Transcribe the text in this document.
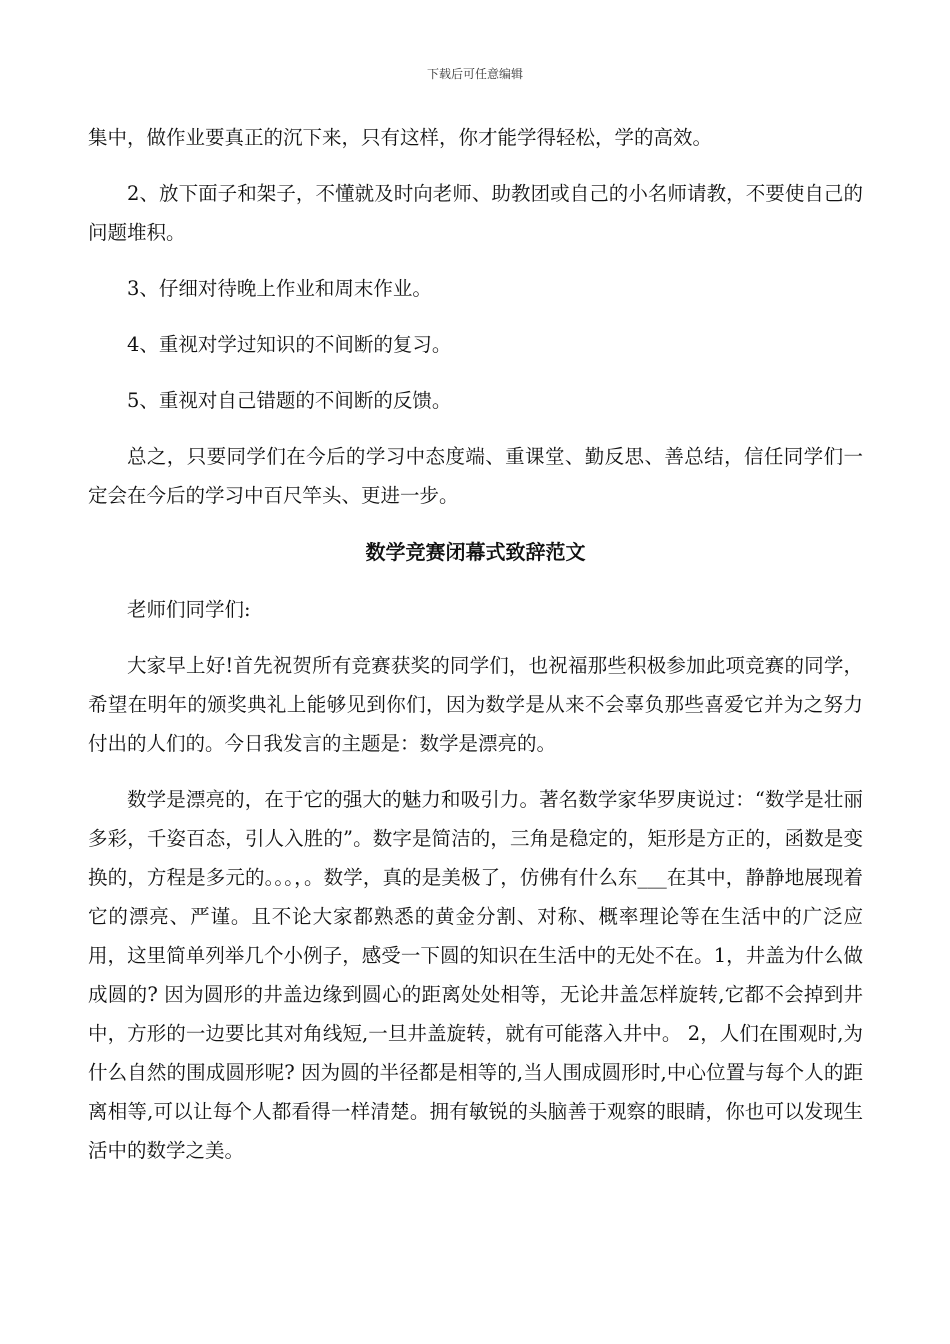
下载后可任意编辑

集中，做作业要真正的沉下来，只有这样，你才能学得轻松，学的高效。

2、放下面子和架子，不懂就及时向老师、助教团或自己的小名师请教，不要使自己的问题堆积。

3、仔细对待晚上作业和周末作业。

4、重视对学过知识的不间断的复习。

5、重视对自己错题的不间断的反馈。

总之，只要同学们在今后的学习中态度端、重课堂、勤反思、善总结，信任同学们一定会在今后的学习中百尺竿头、更进一步。

数学竞赛闭幕式致辞范文

老师们同学们:

大家早上好!首先祝贺所有竞赛获奖的同学们，也祝福那些积极参加此项竞赛的同学，希望在明年的颁奖典礼上能够见到你们，因为数学是从来不会辜负那些喜爱它并为之努力付出的人们的。今日我发言的主题是：数学是漂亮的。

数学是漂亮的，在于它的强大的魅力和吸引力。著名数学家华罗庚说过：“数学是壮丽多彩，千姿百态，引人入胜的”。数字是简洁的，三角是稳定的，矩形是方正的，函数是变换的，方程是多元的。。。，。数学，真的是美极了，仿佛有什么东___在其中，静静地展现着它的漂亮、严谨。且不论大家都熟悉的黄金分割、对称、概率理论等在生活中的广泛应用，这里简单列举几个小例子，感受一下圆的知识在生活中的无处不在。1，井盖为什么做成圆的? 因为圆形的井盖边缘到圆心的距离处处相等，无论井盖怎样旋转,它都不会掉到井中，方形的一边要比其对角线短,一旦井盖旋转，就有可能落入井中。 2，人们在围观时,为什么自然的围成圆形呢? 因为圆的半径都是相等的,当人围成圆形时,中心位置与每个人的距离相等,可以让每个人都看得一样清楚。拥有敏锐的头脑善于观察的眼睛，你也可以发现生活中的数学之美。
